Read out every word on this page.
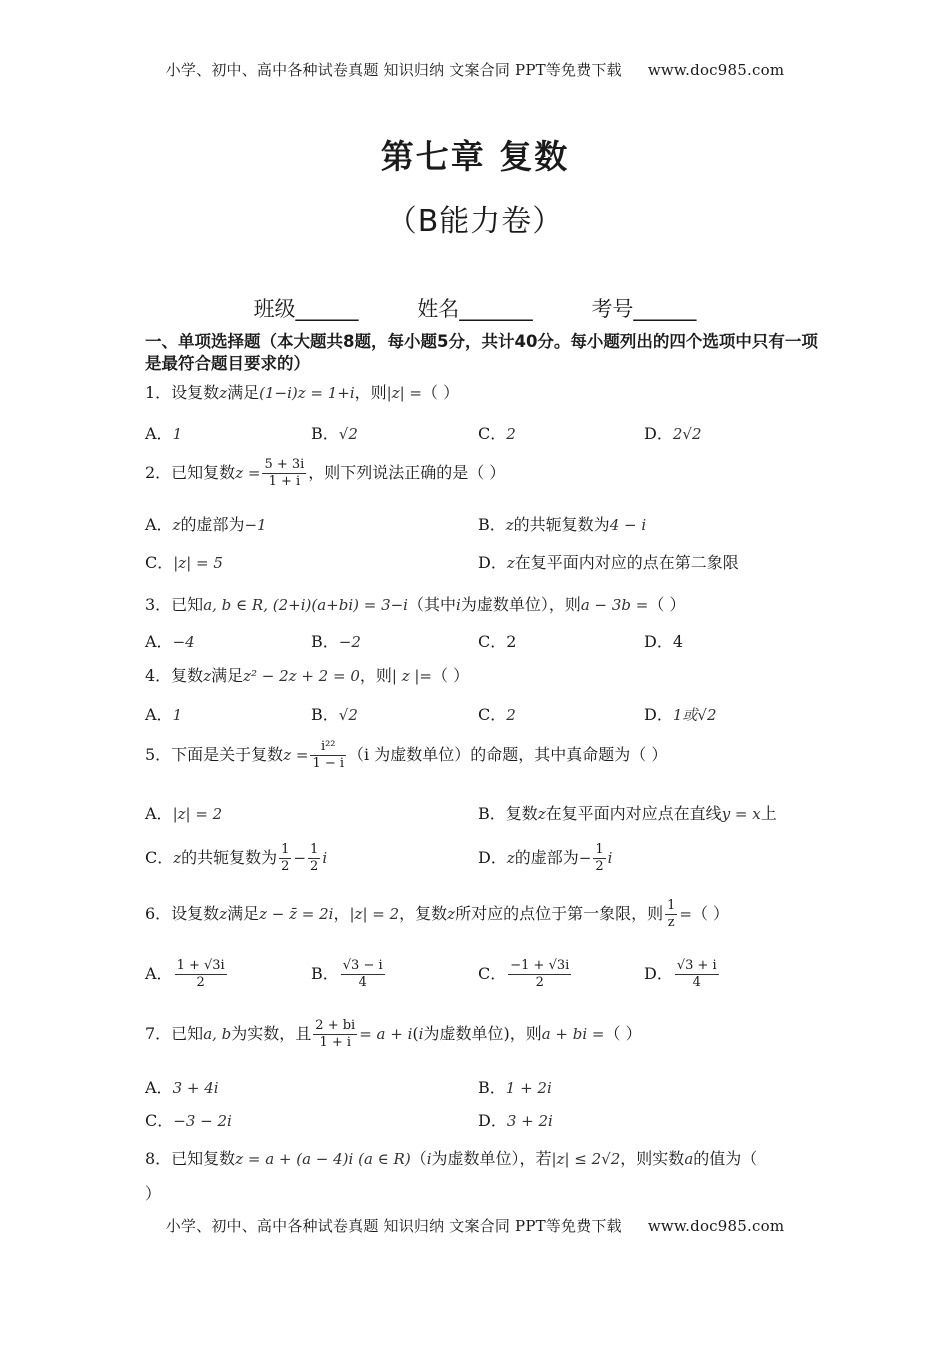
小学、初中、高中各种试卷真题 知识归纳 文案合同 PPT等免费下载 www.doc985.com
第七章 复数
（B能力卷）
班级______	姓名_______	考号______
一、单项选择题（本大题共8题，每小题5分，共计40分。每小题列出的四个选项中只有一项是最符合题目要求的）
1．设复数z满足(1−i)z = 1+i，则|z| =（ ）
A．1	B．√2	C．2	D．2√2
2．已知复数$z = \frac{5 + 3i}{1 + i}$ ，则下列说法正确的是（ ）
A．z的虚部为−1	B．z的共轭复数为4 − i
C．|z| = 5	D．z在复平面内对应的点在第二象限
3．已知a, b ∈ R, (2+i)(a+bi) = 3−i（其中i为虚数单位），则a − 3b =（ ）
A．−4	B．−2	C．2	D．4
4．复数z满足z² − 2z + 2 = 0，则| z |=（ ）
A．1	B．√2	C．2	D．1或√2
5．下面是关于复数$z = \frac{\text{i²²}}{1 - i} (i$ 为虚数单位）的命题，其中真命题为（ ）
A．|z| = 2	B．复数z在复平面内对应点在直线y = x上
C．z的共轭复数为 $\frac{1}{2} - \frac{1}{2}$ i	D．z的虚部为− $\frac{1}{2}$ i
6．设复数z满足z − z̄ = 2i，|z| = 2，复数z所对应的点位于第一象限，则 $\frac{1}{z}$ =（ ）
A． $\frac{1 + √3i}{2}$	B． $\frac{√3 - i}{4}$	C． $\frac{-1 + √3i}{2}$	D． $\frac{√3 + i}{4}$
7．已知a, b为实数，且 $\frac{2 + bi}{1 + i} = a + i(i$为虚数单位)，则a + bi =（ ）
A．3 + 4i	B．1 + 2i
C．−3 − 2i	D．3 + 2i
8．已知复数z = a + (a − 4)i (a ∈ R)（i为虚数单位），若|z| ≤ 2√2，则实数a的值为（
）
小学、初中、高中各种试卷真题 知识归纳 文案合同 PPT等免费下载 www.doc985.com
